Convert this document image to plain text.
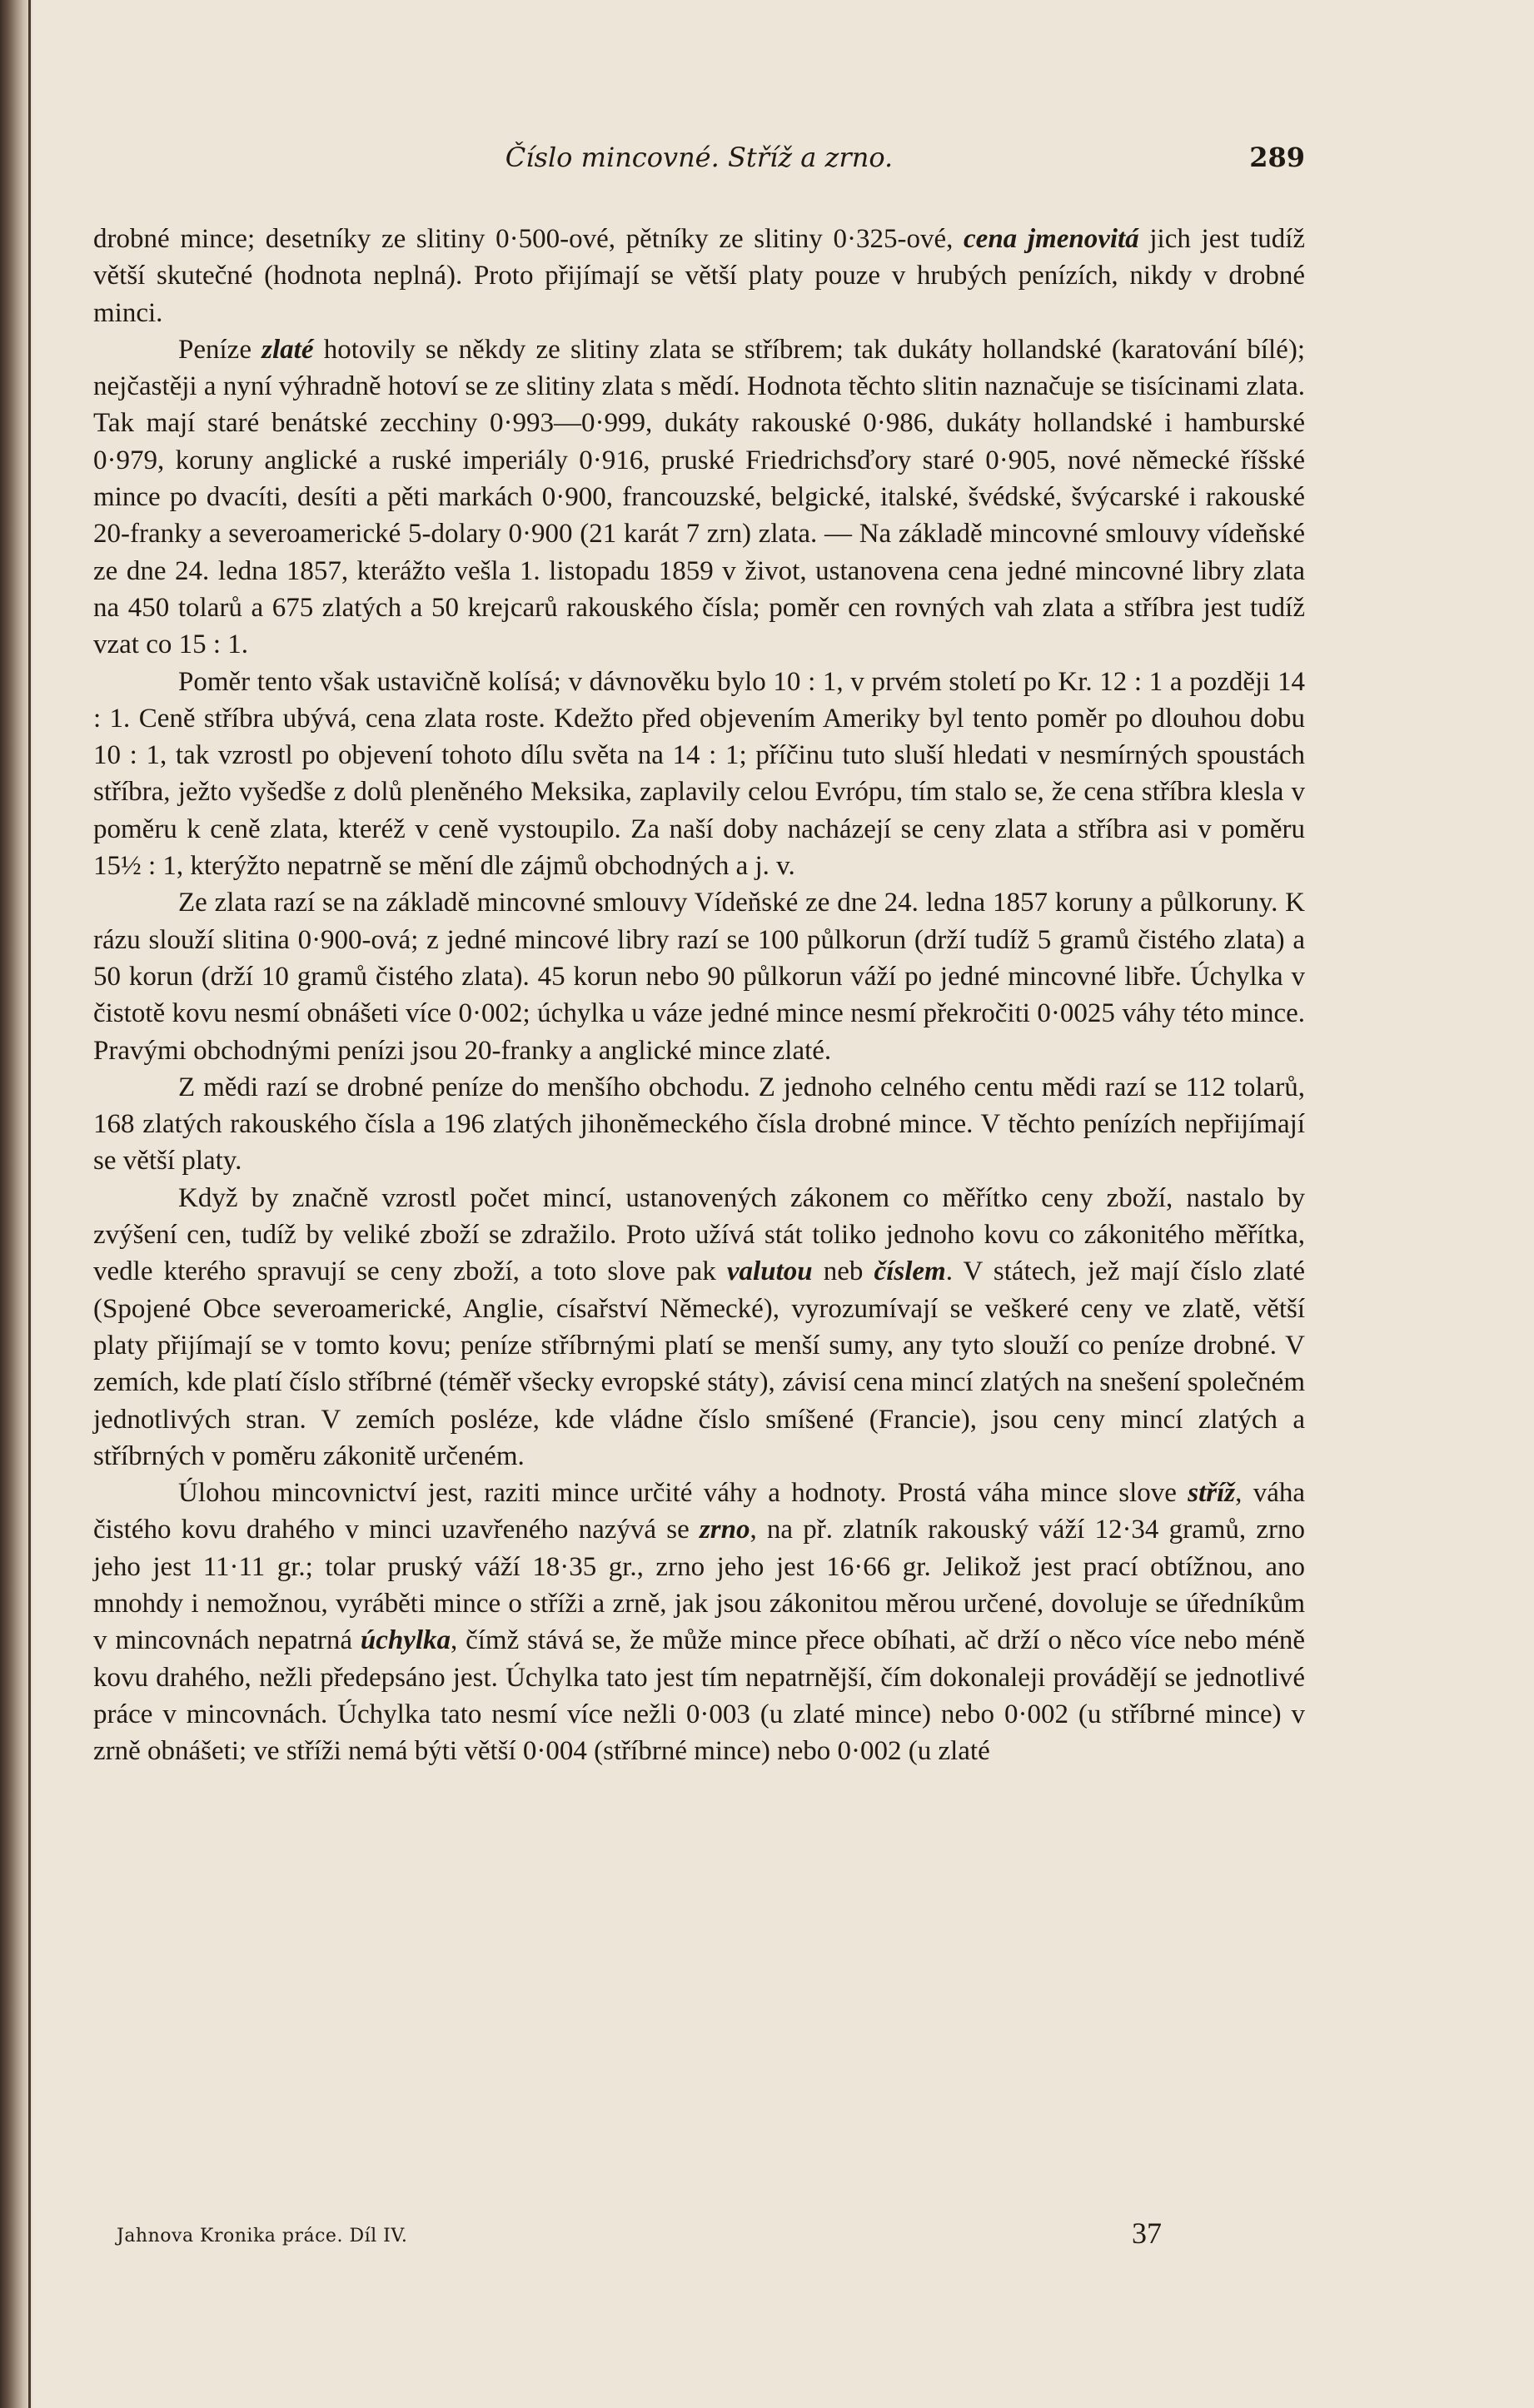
Číslo mincovné. Stříž a zrno.	289

drobné mince; desetníky ze slitiny 0·500-ové, pětníky ze slitiny 0·325-ové, cena jmenovitá jich jest tudíž větší skutečné (hodnota neplná). Proto přijímají se větší platy pouze v hrubých penízích, nikdy v drobné minci.

Peníze zlaté hotovily se někdy ze slitiny zlata se stříbrem; tak dukáty hollandské (karatování bílé); nejčastěji a nyní výhradně hotoví se ze slitiny zlata s mědí. Hodnota těchto slitin naznačuje se tisícinami zlata. Tak mají staré benátské zecchiny 0·993—0·999, dukáty rakouské 0·986, dukáty hollandské i hamburské 0·979, koruny anglické a ruské imperiály 0·916, pruské Friedrichsďory staré 0·905, nové německé říšské mince po dvacíti, desíti a pěti markách 0·900, francouzské, belgické, italské, švédské, švýcarské i rakouské 20-franky a severoamerické 5-dolary 0·900 (21 karát 7 zrn) zlata. — Na základě mincovné smlouvy vídeňské ze dne 24. ledna 1857, kterážto vešla 1. listopadu 1859 v život, ustanovena cena jedné mincovné libry zlata na 450 tolarů a 675 zlatých a 50 krejcarů rakouského čísla; poměr cen rovných vah zlata a stříbra jest tudíž vzat co 15 : 1.

Poměr tento však ustavičně kolísá; v dávnověku bylo 10 : 1, v prvém století po Kr. 12 : 1 a později 14 : 1. Ceně stříbra ubývá, cena zlata roste. Kdežto před objevením Ameriky byl tento poměr po dlouhou dobu 10 : 1, tak vzrostl po objevení tohoto dílu světa na 14 : 1; příčinu tuto sluší hledati v nesmírných spoustách stříbra, ježto vyšedše z dolů pleněného Meksika, zaplavily celou Evrópu, tím stalo se, že cena stříbra klesla v poměru k ceně zlata, kteréž v ceně vystoupilo. Za naší doby nacházejí se ceny zlata a stříbra asi v poměru 15½ : 1, kterýžto nepatrně se mění dle zájmů obchodných a j. v.

Ze zlata razí se na základě mincovné smlouvy Vídeňské ze dne 24. ledna 1857 koruny a půlkoruny. K rázu slouží slitina 0·900-ová; z jedné mincové libry razí se 100 půlkorun (drží tudíž 5 gramů čistého zlata) a 50 korun (drží 10 gramů čistého zlata). 45 korun nebo 90 půlkorun váží po jedné mincovné libře. Úchylka v čistotě kovu nesmí obnášeti více 0·002; úchylka u váze jedné mince nesmí překročiti 0·0025 váhy této mince. Pravými obchodnými penízi jsou 20-franky a anglické mince zlaté.

Z mědi razí se drobné peníze do menšího obchodu. Z jednoho celného centu mědi razí se 112 tolarů, 168 zlatých rakouského čísla a 196 zlatých jihoněmeckého čísla drobné mince. V těchto penízích nepřijímají se větší platy.

Když by značně vzrostl počet mincí, ustanovených zákonem co měřítko ceny zboží, nastalo by zvýšení cen, tudíž by veliké zboží se zdražilo. Proto užívá stát toliko jednoho kovu co zákonitého měřítka, vedle kterého spravují se ceny zboží, a toto slove pak valutou neb číslem. V státech, jež mají číslo zlaté (Spojené Obce severoamerické, Anglie, císařství Německé), vyrozumívají se veškeré ceny ve zlatě, větší platy přijímají se v tomto kovu; peníze stříbrnými platí se menší sumy, any tyto slouží co peníze drobné. V zemích, kde platí číslo stříbrné (téměř všecky evropské státy), závisí cena mincí zlatých na snešení společném jednotlivých stran. V zemích posléze, kde vládne číslo smíšené (Francie), jsou ceny mincí zlatých a stříbrných v poměru zákonitě určeném.

Úlohou mincovnictví jest, raziti mince určité váhy a hodnoty. Prostá váha mince slove stříž, váha čistého kovu drahého v minci uzavřeného nazývá se zrno, na př. zlatník rakouský váží 12·34 gramů, zrno jeho jest 11·11 gr.; tolar pruský váží 18·35 gr., zrno jeho jest 16·66 gr. Jelikož jest prací obtížnou, ano mnohdy i nemožnou, vyráběti mince o stříži a zrně, jak jsou zákonitou měrou určené, dovoluje se úředníkům v mincovnách nepatrná úchylka, čímž stává se, že může mince přece obíhati, ač drží o něco více nebo méně kovu drahého, nežli předepsáno jest. Úchylka tato jest tím nepatrnější, čím dokonaleji provádějí se jednotlivé práce v mincovnách. Úchylka tato nesmí více nežli 0·003 (u zlaté mince) nebo 0·002 (u stříbrné mince) v zrně obnášeti; ve stříži nemá býti větší 0·004 (stříbrné mince) nebo 0·002 (u zlaté

Jahnova Kronika práce. Díl IV.	37
